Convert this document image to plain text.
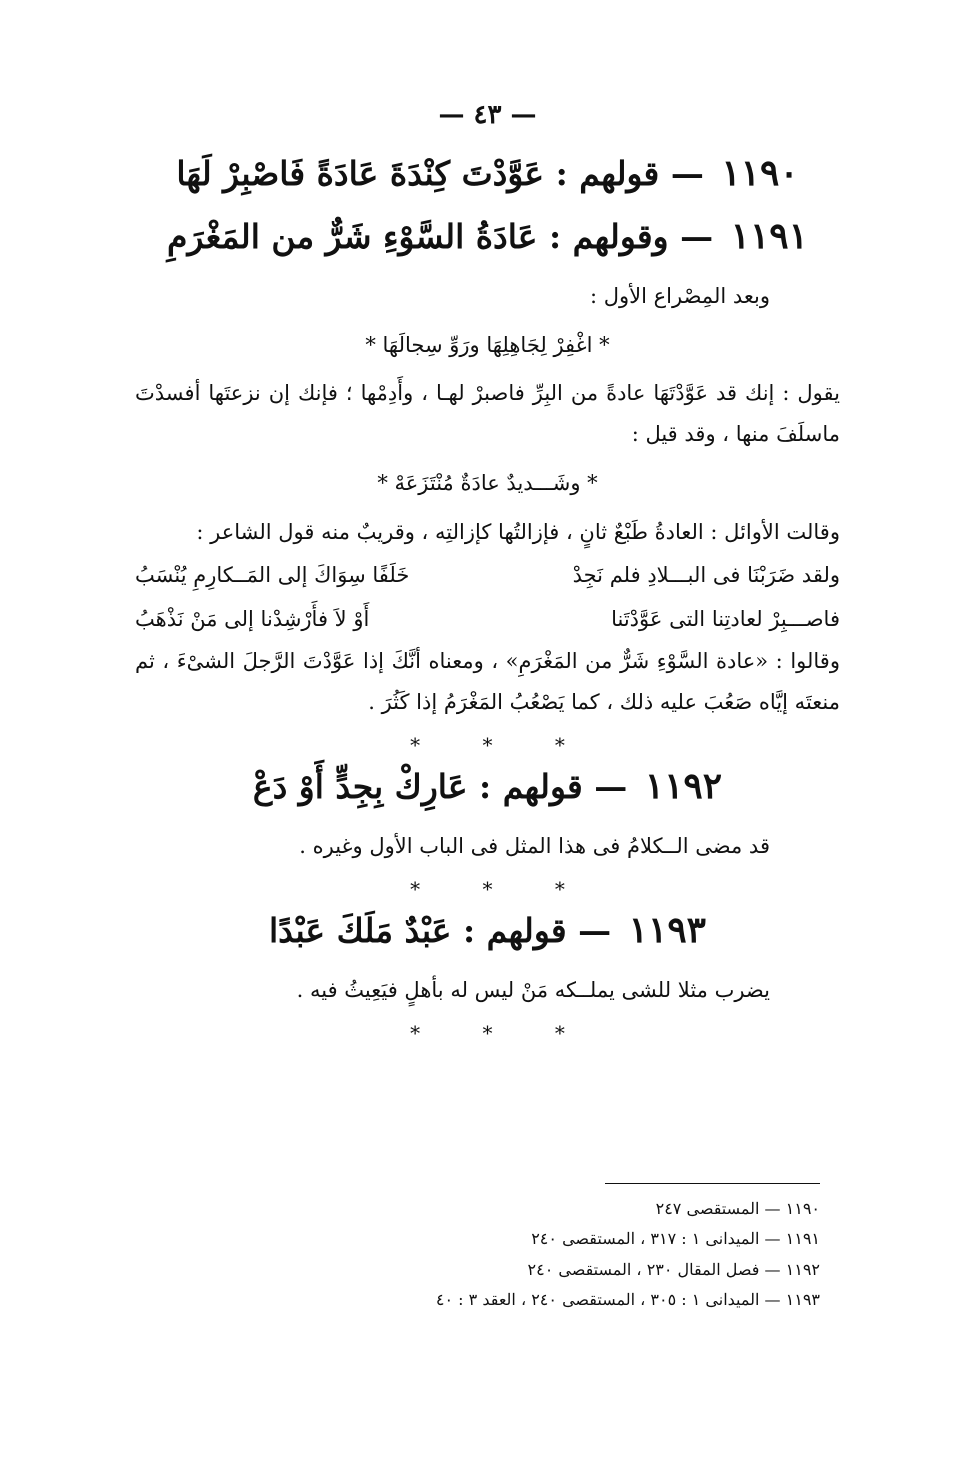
— ٤٣ —
١١٩٠ — قولهم : عَوَّدْتَ كِنْدَةَ عَادَةً فَاصْبِرْ لَهَا
١١٩١ — وقولهم : عَادَةُ السَّوْءِ شَرٌّ من المَغْرَمِ

وبعد المِصْراع الأول :

* اغْفِرْ لِجَاهِلِهَا ورَوِّ سِجالَهَا *

يقول : إنك قد عَوَّدْتَهَا عادةً من البِرِّ فاصبرْ لهـا ، وأَدِمْها ؛ فإنك إن نزعتَها أفسدْتَ ماسلَفَ منها ، وقد قيل :

* وشَـــديدٌ عادَةٌ مُنْتَزَعَهْ *

وقالت الأوائل : العادةُ طَبْعٌ ثانٍ ، فإزالتُها كإزالتِه ، وقريبٌ منه قول الشاعر :

ولقد ضَرَبْنَا فى البـــلادِ فلم نَجِدْ
خَلَفًا سِوَاكَ إلى المَــكارِمِ يُنْسَبُ
فاصـــبِرْ لعادتِنا التى عَوَّدْتَنا
أَوْ لاَ فأَرْشِدْنا إلى مَنْ نَذْهَبُ

وقالوا : «عادة السَّوْءِ شَرٌّ من المَغْرَمِ» ، ومعناه أنَّكَ إذا عَوَّدْتَ الرَّجلَ الشىْءَ ، ثم منعتَه إيَّاه صَعُبَ عليه ذلك ، كما يَصْعُبُ المَغْرَمُ إذا كَثُرَ .

* * *
١١٩٢ — قولهم : عَارِكْ بِجِدٍّ أَوْ دَعْ

قد مضى الــكلامُ فى هذا المثل فى الباب الأول وغيره .

* * *
١١٩٣ — قولهم : عَبْدٌ مَلَكَ عَبْدًا

يضرب مثلا للشى يملــكه مَنْ ليس له بأهلٍ فيَعِيثُ فيه .

* * *
١١٩٠ — المستقصى ٢٤٧
١١٩١ — الميدانى ١ : ٣١٧ ، المستقصى ٢٤٠
١١٩٢ — فصل المقال ٢٣٠ ، المستقصى ٢٤٠
١١٩٣ — الميدانى ١ : ٣٠٥ ، المستقصى ٢٤٠ ، العقد ٣ : ٤٠
